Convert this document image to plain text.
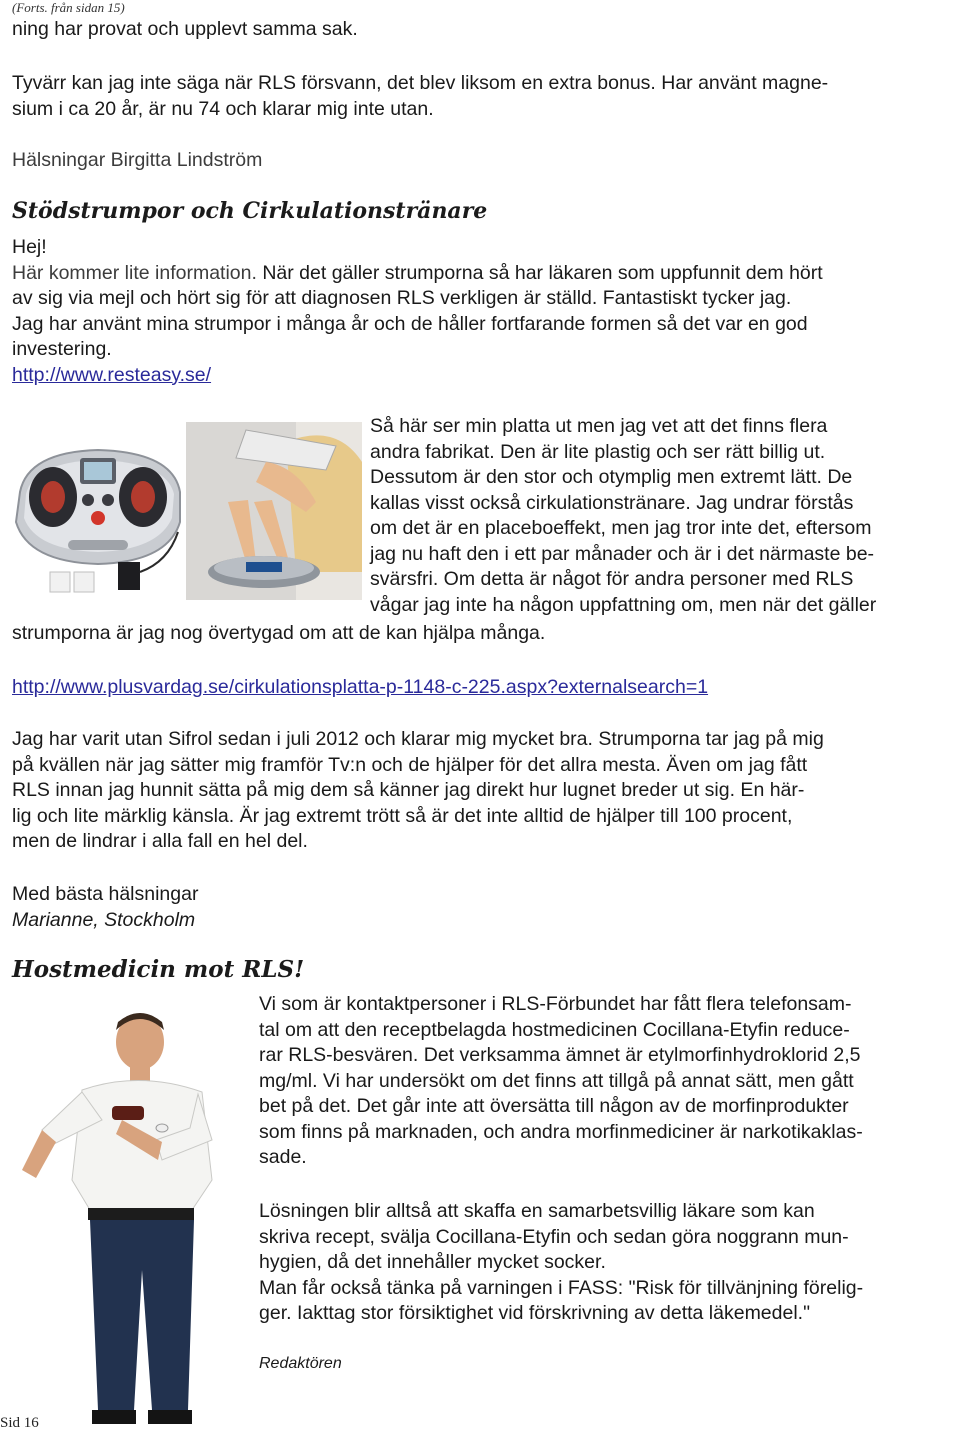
(Forts. från sidan 15)
ning har provat och upplevt samma sak.
Tyvärr kan jag inte säga när RLS försvann, det blev liksom en extra bonus. Har använt magne-
sium i ca 20 år, är nu 74 och klarar mig inte utan.
Hälsningar Birgitta Lindström
Stödstrumpor och Cirkulationstränare
Hej!
Här kommer lite information. När det gäller strumporna så har läkaren som uppfunnit dem hört
av sig via mejl och hört sig för att diagnosen RLS verkligen är ställd. Fantastiskt tycker jag.
Jag har använt mina strumpor i många år och de håller fortfarande formen så det var en god
investering.
http://www.resteasy.se/
Så här ser min platta ut men jag vet att det finns flera
andra fabrikat. Den är lite plastig och ser rätt billig ut.
Dessutom är den stor och otymplig men extremt lätt. De
kallas visst också cirkulationstränare. Jag undrar förstås
om det är en placeboeffekt, men jag tror inte det, eftersom
jag nu haft den i ett par månader och är i det närmaste be-
svärsfri. Om detta är något för andra personer med RLS
vågar jag inte ha någon uppfattning om, men när det gäller
strumporna är jag nog övertygad om att de kan hjälpa många.
http://www.plusvardag.se/cirkulationsplatta-p-1148-c-225.aspx?externalsearch=1
Jag har varit utan Sifrol sedan i juli 2012 och klarar mig mycket bra. Strumporna tar jag på mig
på kvällen när jag sätter mig framför Tv:n och de hjälper för det allra mesta. Även om jag fått
RLS innan jag hunnit sätta på mig dem så känner jag direkt hur lugnet breder ut sig. En här-
lig och lite märklig känsla. Är jag extremt trött så är det inte alltid de hjälper till 100 procent,
men de lindrar i alla fall en hel del.
Med bästa hälsningar
Marianne, Stockholm
Hostmedicin mot RLS!
Vi som är kontaktpersoner i RLS-Förbundet har fått flera telefonsam-
tal om att den receptbelagda hostmedicinen Cocillana-Etyfin reduce-
rar RLS-besvären. Det verksamma ämnet är etylmorfinhydroklorid 2,5
mg/ml. Vi har undersökt om det finns att tillgå på annat sätt, men gått
bet på det. Det går inte att översätta till någon av de morfinprodukter
som finns på marknaden, och andra morfinmediciner är narkotikaklas-
sade.
Lösningen blir alltså att skaffa en samarbetsvillig läkare som kan
skriva recept, svälja Cocillana-Etyfin och sedan göra noggrann mun-
hygien, då det innehåller mycket socker.
Man får också tänka på varningen i FASS: "Risk för tillvänjning förelig-
ger. Iakttag stor försiktighet vid förskrivning av detta läkemedel."
Redaktören
Sid 16
